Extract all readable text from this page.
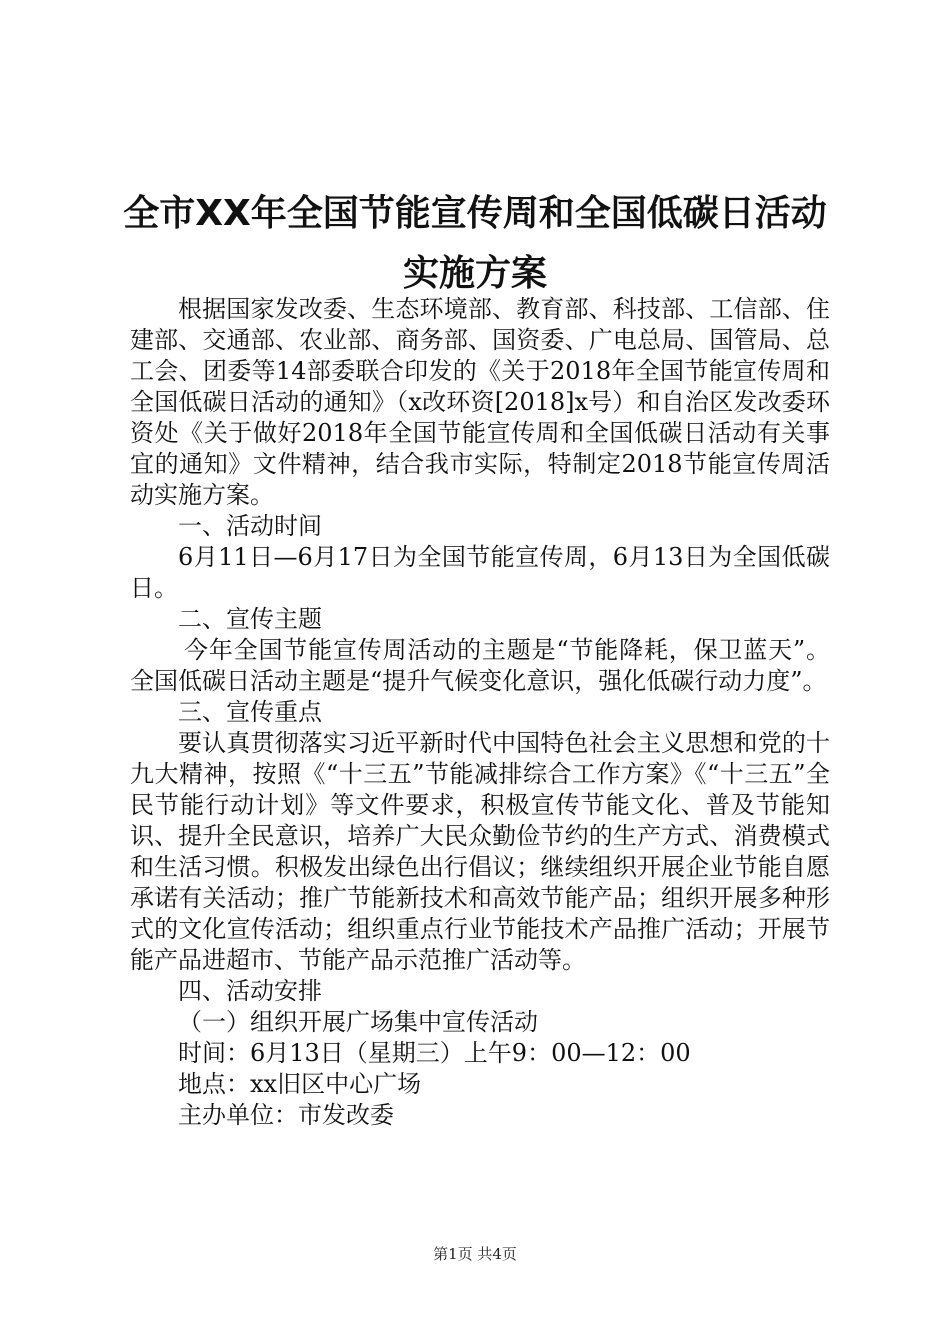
全市XX年全国节能宣传周和全国低碳日活动
实施方案

根据国家发改委、生态环境部、教育部、科技部、工信部、住建部、交通部、农业部、商务部、国资委、广电总局、国管局、总工会、团委等14部委联合印发的《关于2018年全国节能宣传周和全国低碳日活动的通知》（x改环资[2018]x号）和自治区发改委环资处《关于做好2018年全国节能宣传周和全国低碳日活动有关事宜的通知》文件精神，结合我市实际，特制定2018节能宣传周活动实施方案。

一、活动时间

6月11日—6月17日为全国节能宣传周，6月13日为全国低碳日。

二、宣传主题

今年全国节能宣传周活动的主题是“节能降耗，保卫蓝天”。全国低碳日活动主题是“提升气候变化意识，强化低碳行动力度”。

三、宣传重点

要认真贯彻落实习近平新时代中国特色社会主义思想和党的十九大精神，按照《“十三五”节能减排综合工作方案》《“十三五”全民节能行动计划》等文件要求，积极宣传节能文化、普及节能知识、提升全民意识，培养广大民众勤俭节约的生产方式、消费模式和生活习惯。积极发出绿色出行倡议；继续组织开展企业节能自愿承诺有关活动；推广节能新技术和高效节能产品；组织开展多种形式的文化宣传活动；组织重点行业节能技术产品推广活动；开展节能产品进超市、节能产品示范推广活动等。

四、活动安排

（一）组织开展广场集中宣传活动

时间：6月13日（星期三）上午9：00—12：00

地点：xx旧区中心广场

主办单位：市发改委

第1页 共4页
